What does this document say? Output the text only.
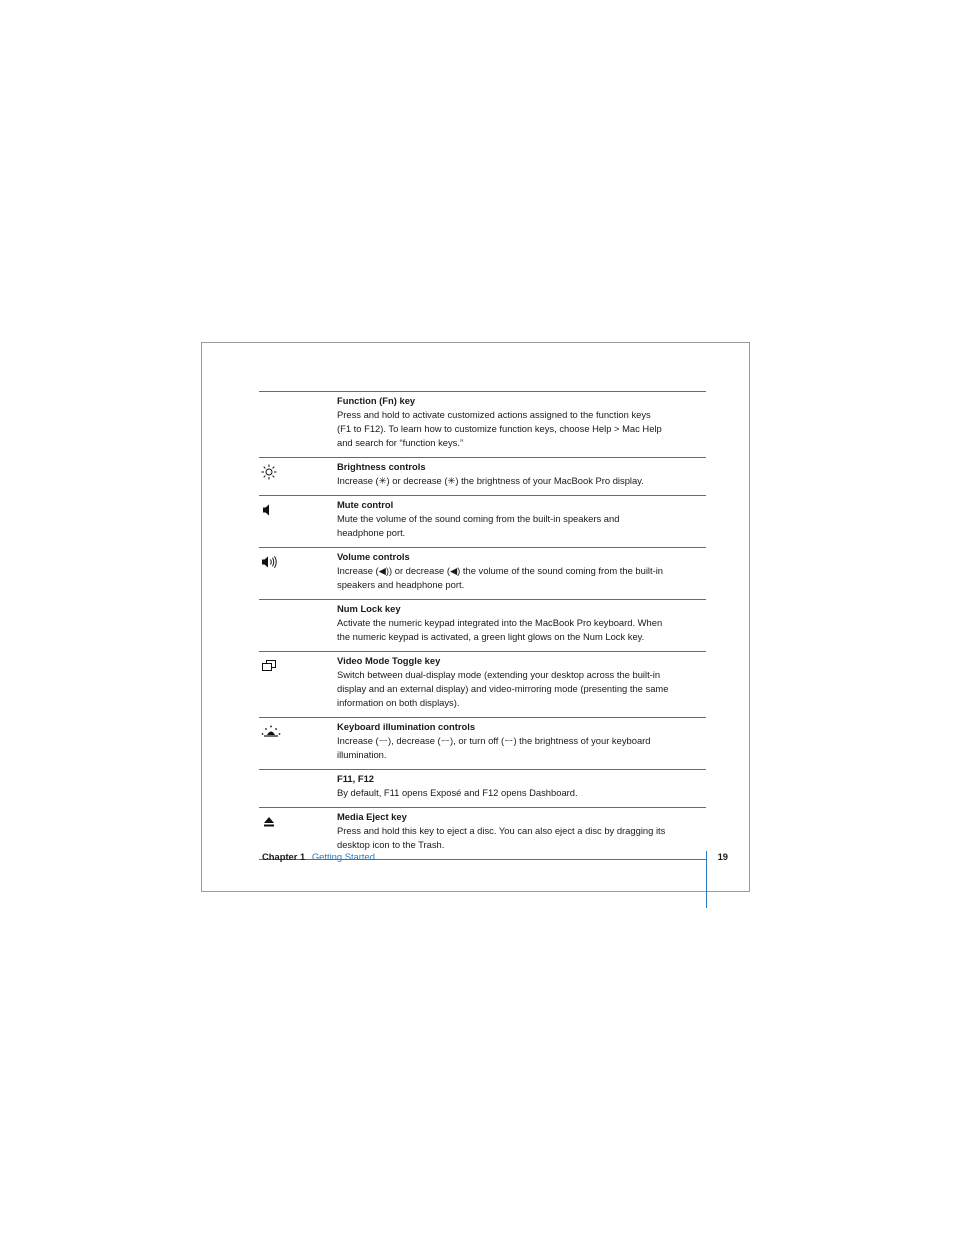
Function (Fn) key
Press and hold to activate customized actions assigned to the function keys
(F1 to F12). To learn how to customize function keys, choose Help > Mac Help
and search for “function keys.”
Brightness controls
Increase (✳) or decrease (✳) the brightness of your MacBook Pro display.
Mute control
Mute the volume of the sound coming from the built-in speakers and
headphone port.
Volume controls
Increase (◀)) or decrease (◀) the volume of the sound coming from the built-in
speakers and headphone port.
Num Lock key
Activate the numeric keypad integrated into the MacBook Pro keyboard. When
the numeric keypad is activated, a green light glows on the Num Lock key.
Video Mode Toggle key
Switch between dual-display mode (extending your desktop across the built-in
display and an external display) and video-mirroring mode (presenting the same
information on both displays).
Keyboard illumination controls
Increase (ー), decrease (ー), or turn off (ー) the brightness of your keyboard
illumination.
F11, F12
By default, F11 opens Exposé and F12 opens Dashboard.
Media Eject key
Press and hold this key to eject a disc. You can also eject a disc by dragging its
desktop icon to the Trash.
Chapter 1 Getting Started	19
